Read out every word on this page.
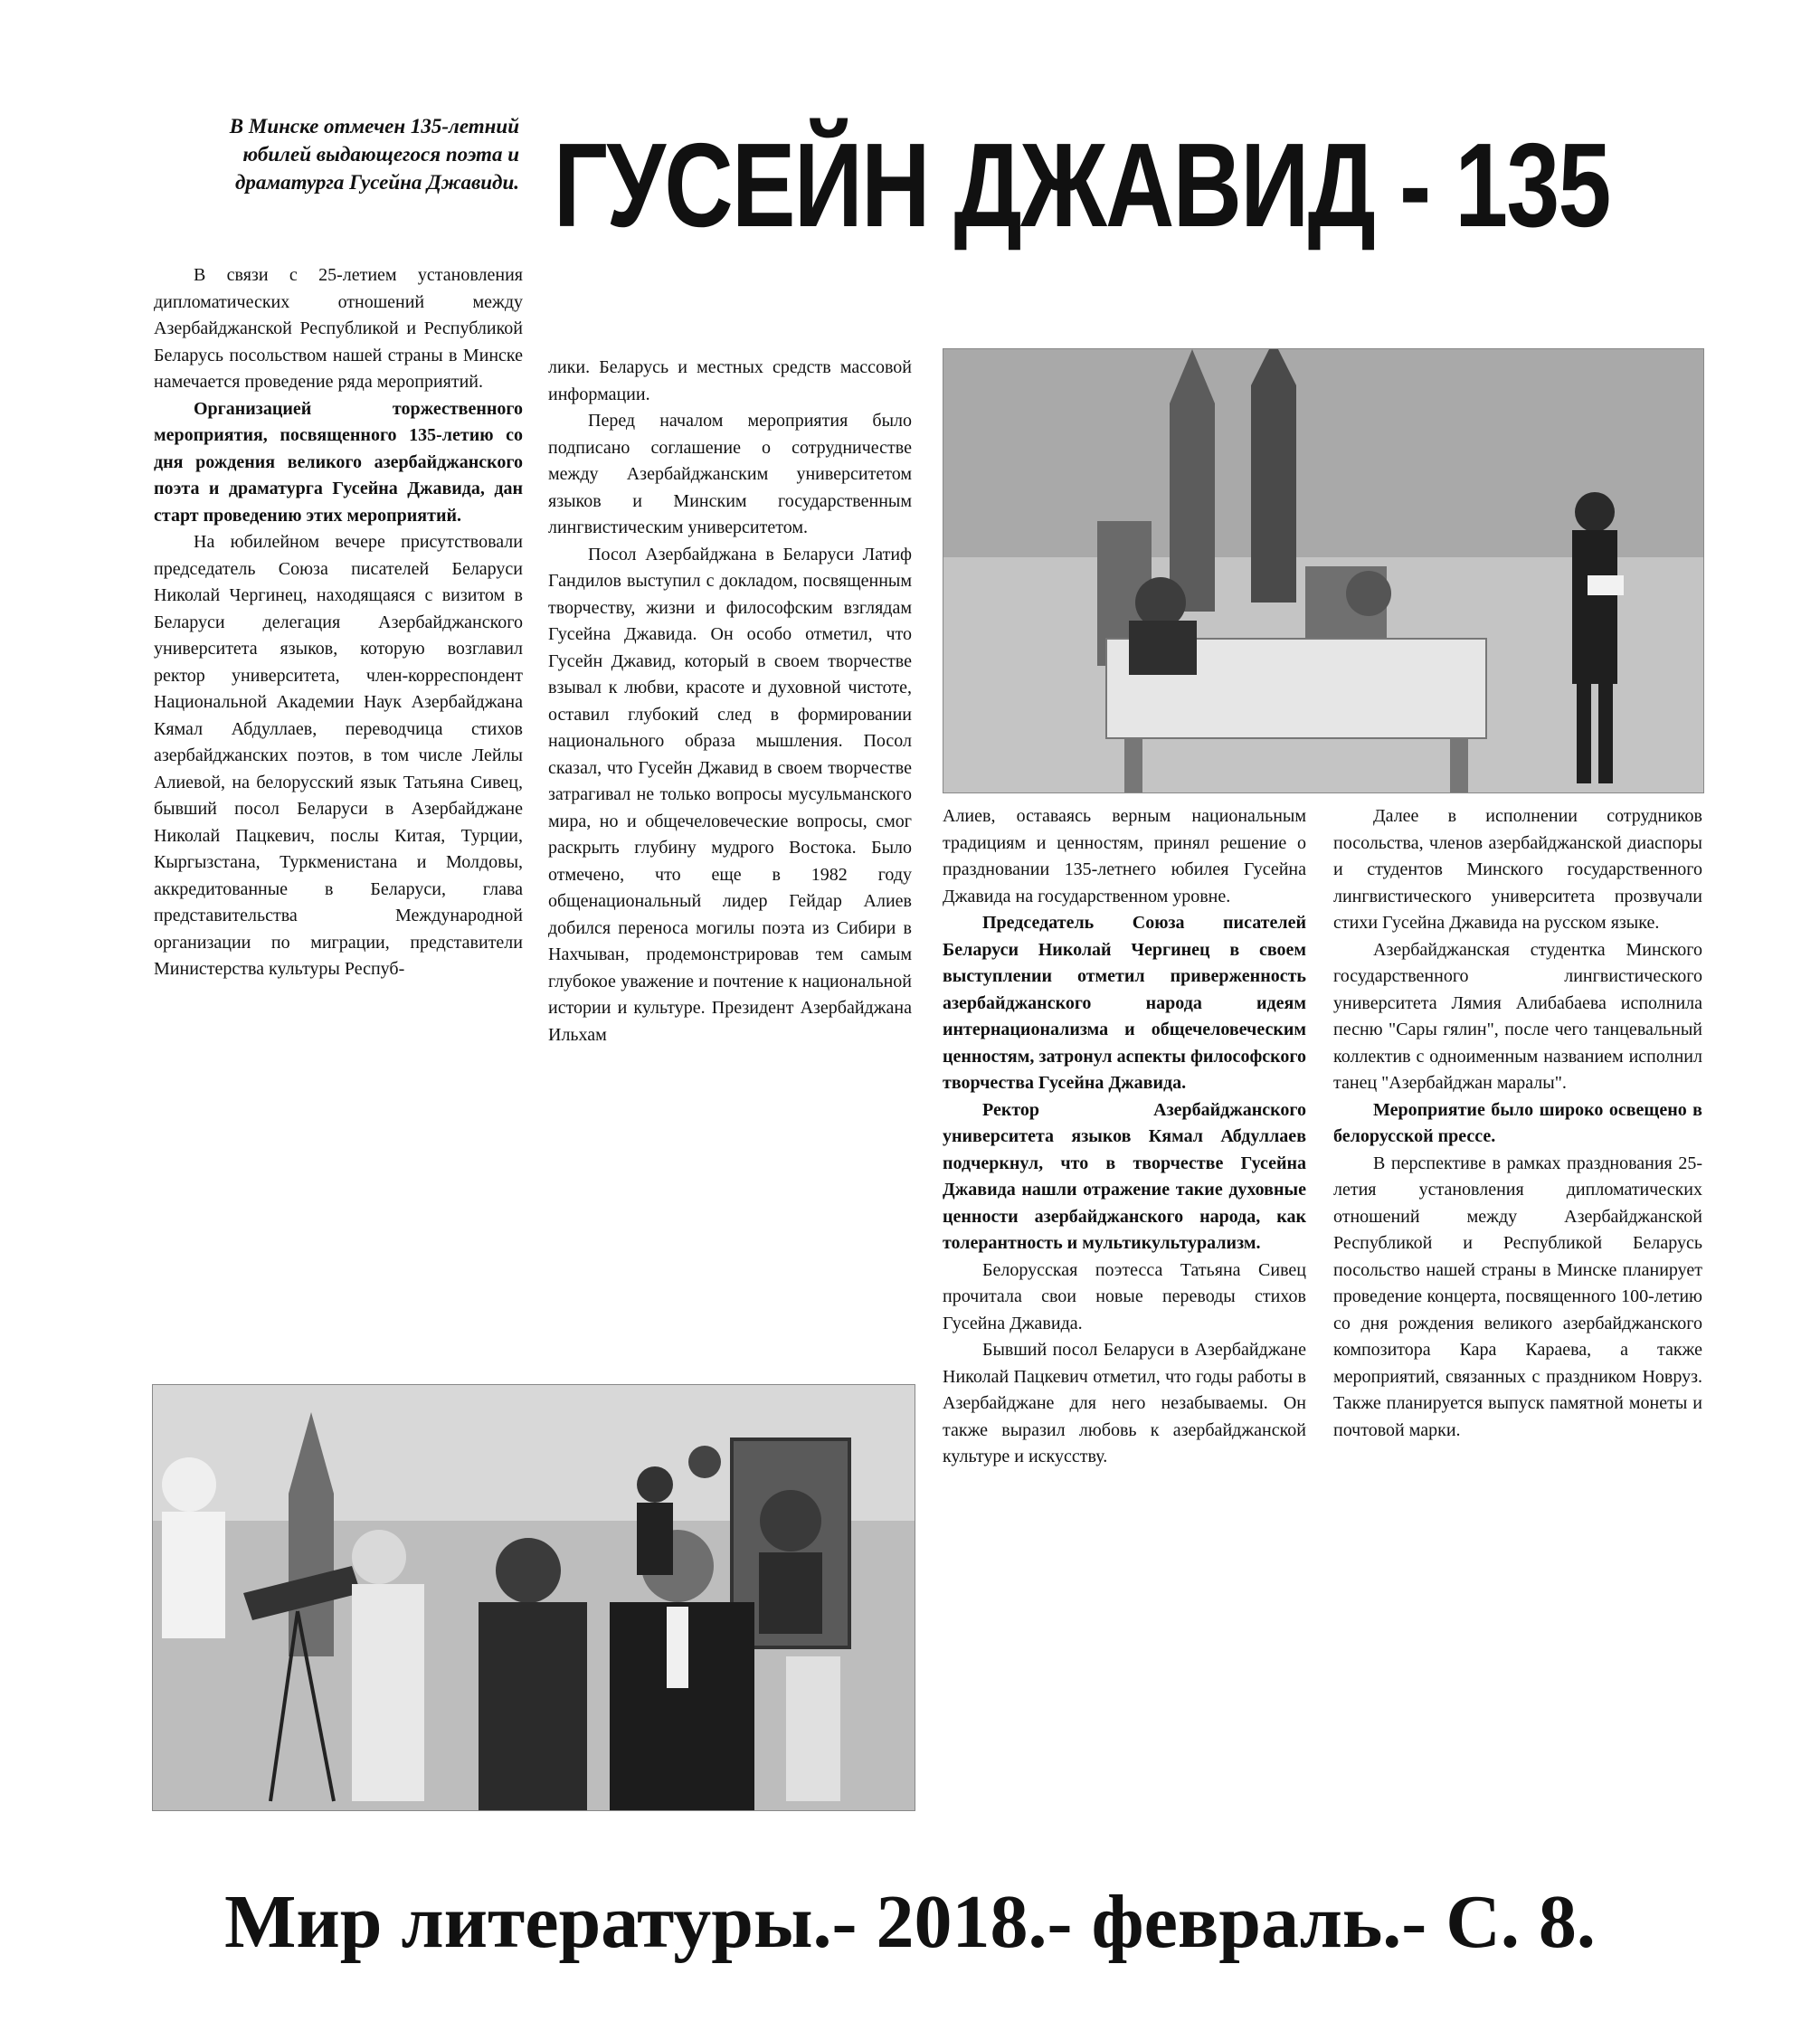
В Минске отмечен 135-летний юбилей выдающегося поэта и драматурга Гусейна Джавиди. ГУСЕЙН ДЖАВИД - 135

В связи с 25-летием установления дипломатических отношений между Азербайджанской Республикой и Республикой Беларусь посольством нашей страны в Минске намечается проведение ряда мероприятий.

Организацией торжественного мероприятия, посвященного 135-летию со дня рождения великого азербайджанского поэта и драматурга Гусейна Джавида, дан старт проведению этих мероприятий.

На юбилейном вечере присутствовали председатель Союза писателей Беларуси Николай Чергинец, находящаяся с визитом в Беларуси делегация Азербайджанского университета языков, которую возглавил ректор университета, член-корреспондент Национальной Академии Наук Азербайджана Кямал Абдуллаев, переводчица стихов азербайджанских поэтов, в том числе Лейлы Алиевой, на белорусский язык Татьяна Сивец, бывший посол Беларуси в Азербайджане Николай Пацкевич, послы Китая, Турции, Кыргызстана, Туркменистана и Молдовы, аккредитованные в Беларуси, глава представительства Международной организации по миграции, представители Министерства культуры Респуб-

лики. Беларусь и местных средств массовой информации.

Перед началом мероприятия было подписано соглашение о сотрудничестве между Азербайджанским университетом языков и Минским государственным лингвистическим университетом.

Посол Азербайджана в Беларуси Латиф Гандилов выступил с докладом, посвященным творчеству, жизни и философским взглядам Гусейна Джавида. Он особо отметил, что Гусейн Джавид, который в своем творчестве взывал к любви, красоте и духовной чистоте, оставил глубокий след в формировании национального образа мышления. Посол сказал, что Гусейн Джавид в своем творчестве затрагивал не только вопросы мусульманского мира, но и общечеловеческие вопросы, смог раскрыть глубину мудрого Востока. Было отмечено, что еще в 1982 году общенациональный лидер Гейдар Алиев добился переноса могилы поэта из Сибири в Нахчыван, продемонстрировав тем самым глубокое уважение и почтение к национальной истории и культуре. Президент Азербайджана Ильхам

Алиев, оставаясь верным национальным традициям и ценностям, принял решение о праздновании 135-летнего юбилея Гусейна Джавида на государственном уровне.

Председатель Союза писателей Беларуси Николай Чергинец в своем выступлении отметил приверженность азербайджанского народа идеям интернационализма и общечеловеческим ценностям, затронул аспекты философского творчества Гусейна Джавида.

Ректор Азербайджанского университета языков Кямал Абдуллаев подчеркнул, что в творчестве Гусейна Джавида нашли отражение такие духовные ценности азербайджанского народа, как толерантность и мультикультурализм.

Белорусская поэтесса Татьяна Сивец прочитала свои новые переводы стихов Гусейна Джавида.

Бывший посол Беларуси в Азербайджане Николай Пацкевич отметил, что годы работы в Азербайджане для него незабываемы. Он также выразил любовь к азербайджанской культуре и искусству.

Далее в исполнении сотрудников посольства, членов азербайджанской диаспоры и студентов Минского государственного лингвистического университета прозвучали стихи Гусейна Джавида на русском языке.

Азербайджанская студентка Минского государственного лингвистического университета Лямия Алибабаева исполнила песню "Сары гялин", после чего танцевальный коллектив с одноименным названием исполнил танец "Азербайджан маралы".

Мероприятие было широко освещено в белорусской прессе.

В перспективе в рамках празднования 25-летия установления дипломатических отношений между Азербайджанской Республикой и Республикой Беларусь посольство нашей страны в Минске планирует проведение концерта, посвященного 100-летию со дня рождения великого азербайджанского композитора Кара Караева, а также мероприятий, связанных с праздником Новруз. Также планируется выпуск памятной монеты и почтовой марки.

Мир литературы.- 2018.- февраль.- С. 8.
